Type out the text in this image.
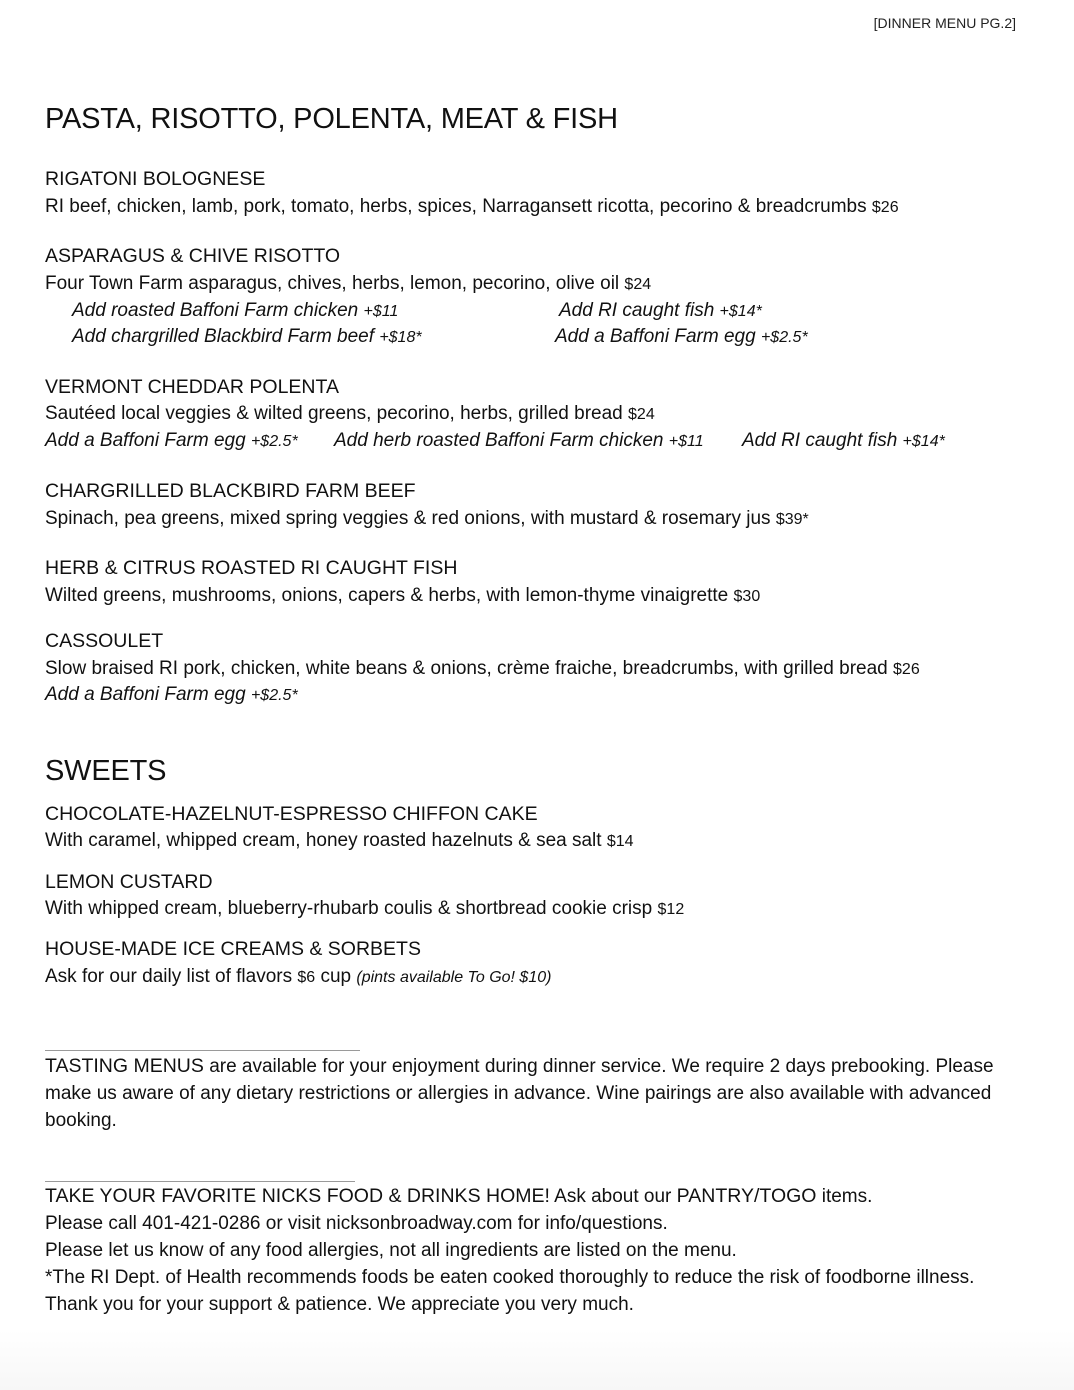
[DINNER MENU PG.2]
PASTA, RISOTTO, POLENTA, MEAT & FISH
RIGATONI BOLOGNESE
RI beef, chicken, lamb, pork, tomato, herbs, spices, Narragansett ricotta, pecorino & breadcrumbs $26
ASPARAGUS & CHIVE RISOTTO
Four Town Farm asparagus, chives, herbs, lemon, pecorino, olive oil $24
Add roasted Baffoni Farm chicken +$11	Add RI caught fish +$14*
Add chargrilled Blackbird Farm beef +$18*	Add a Baffoni Farm egg +$2.5*
VERMONT CHEDDAR POLENTA
Sautéed local veggies & wilted greens, pecorino, herbs, grilled bread $24
Add a Baffoni Farm egg +$2.5* Add herb roasted Baffoni Farm chicken +$11 Add RI caught fish +$14*
CHARGRILLED BLACKBIRD FARM BEEF
Spinach, pea greens, mixed spring veggies & red onions, with mustard & rosemary jus $39*
HERB & CITRUS ROASTED RI CAUGHT FISH
Wilted greens, mushrooms, onions, capers & herbs, with lemon-thyme vinaigrette $30
CASSOULET
Slow braised RI pork, chicken, white beans & onions, crème fraiche, breadcrumbs, with grilled bread $26
Add a Baffoni Farm egg +$2.5*
SWEETS
CHOCOLATE-HAZELNUT-ESPRESSO CHIFFON CAKE
With caramel, whipped cream, honey roasted hazelnuts & sea salt $14
LEMON CUSTARD
With whipped cream, blueberry-rhubarb coulis & shortbread cookie crisp $12
HOUSE-MADE ICE CREAMS & SORBETS
Ask for our daily list of flavors $6 cup (pints available To Go! $10)
TASTING MENUS are available for your enjoyment during dinner service. We require 2 days prebooking. Please make us aware of any dietary restrictions or allergies in advance. Wine pairings are also available with advanced booking.
TAKE YOUR FAVORITE NICKS FOOD & DRINKS HOME! Ask about our PANTRY/TOGO items.
Please call 401-421-0286 or visit nicksonbroadway.com for info/questions.
Please let us know of any food allergies, not all ingredients are listed on the menu.
*The RI Dept. of Health recommends foods be eaten cooked thoroughly to reduce the risk of foodborne illness.
Thank you for your support & patience. We appreciate you very much.
